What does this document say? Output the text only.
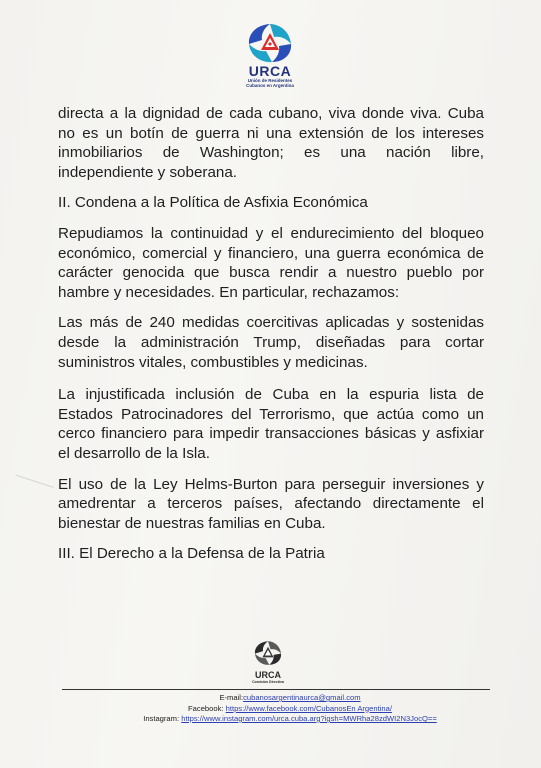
URCA
Unión de Residentes
Cubanos en Argentina

directa a la dignidad de cada cubano, viva donde viva. Cuba no es un botín de guerra ni una extensión de los intereses inmobiliarios de Washington; es una nación libre, independiente y soberana.

II. Condena a la Política de Asfixia Económica

Repudiamos la continuidad y el endurecimiento del bloqueo económico, comercial y financiero, una guerra económica de carácter genocida que busca rendir a nuestro pueblo por hambre y necesidades. En particular, rechazamos:

Las más de 240 medidas coercitivas aplicadas y sostenidas desde la administración Trump, diseñadas para cortar suministros vitales, combustibles y medicinas.

La injustificada inclusión de Cuba en la espuria lista de Estados Patrocinadores del Terrorismo, que actúa como un cerco financiero para impedir transacciones básicas y asfixiar el desarrollo de la Isla.

El uso de la Ley Helms-Burton para perseguir inversiones y amedrentar a terceros países, afectando directamente el bienestar de nuestras familias en Cuba.

III. El Derecho a la Defensa de la Patria

URCA
Comisión Directiva
E-mail:cubanosargentinaurca@gmail.com
Facebook: https://www.facebook.com/CubanosEn Argentina/
Instagram: https://www.instagram.com/urca.cuba.arg?igsh=MWRha28zdWI2N3JocQ==
